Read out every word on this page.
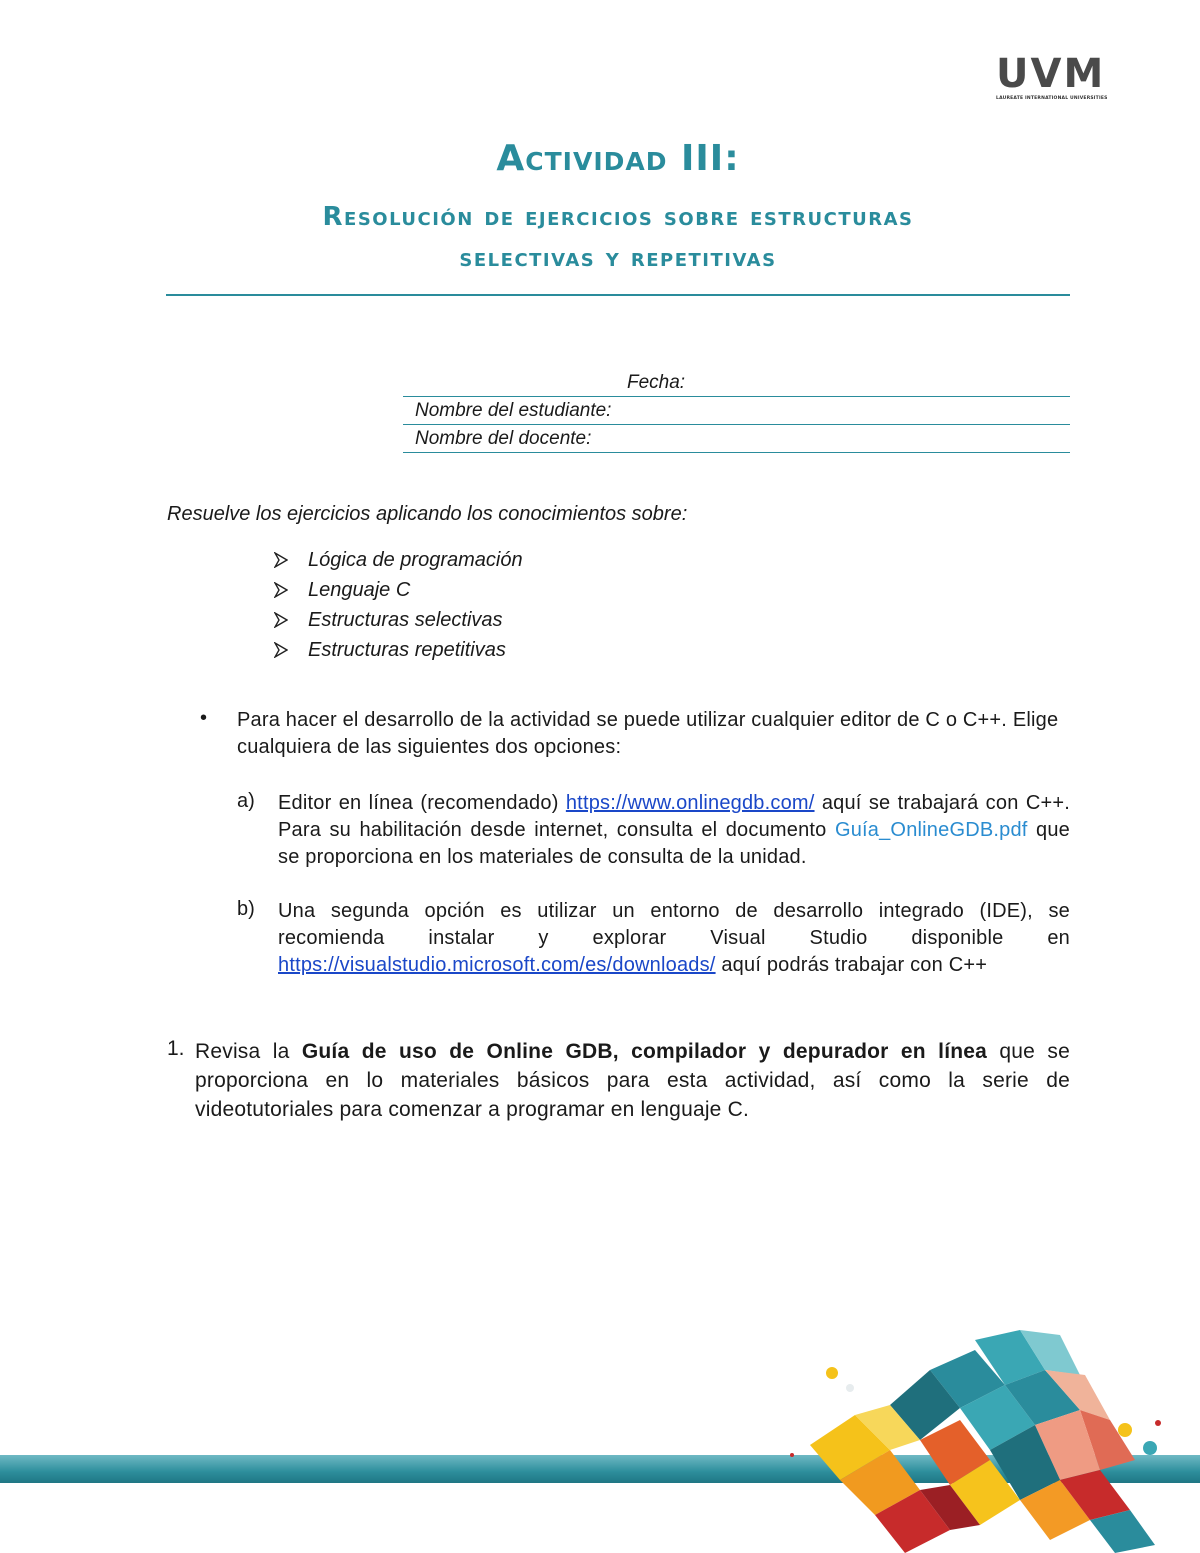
UVM
LAUREATE INTERNATIONAL UNIVERSITIES
Actividad III:
Resolución de ejercicios sobre estructuras
selectivas y repetitivas
Fecha:
Nombre del estudiante:
Nombre del docente:
Resuelve los ejercicios aplicando los conocimientos sobre:
Lógica de programación
Lenguaje C
Estructuras selectivas
Estructuras repetitivas
• Para hacer el desarrollo de la actividad se puede utilizar cualquier editor de C o C++. Elige cualquiera de las siguientes dos opciones:
a) Editor en línea (recomendado) https://www.onlinegdb.com/ aquí se trabajará con C++. Para su habilitación desde internet, consulta el documento Guía_OnlineGDB.pdf que se proporciona en los materiales de consulta de la unidad.
b) Una segunda opción es utilizar un entorno de desarrollo integrado (IDE), se recomienda instalar y explorar Visual Studio disponible en https://visualstudio.microsoft.com/es/downloads/ aquí podrás trabajar con C++
1. Revisa la Guía de uso de Online GDB, compilador y depurador en línea que se proporciona en lo materiales básicos para esta actividad, así como la serie de videotutoriales para comenzar a programar en lenguaje C.
